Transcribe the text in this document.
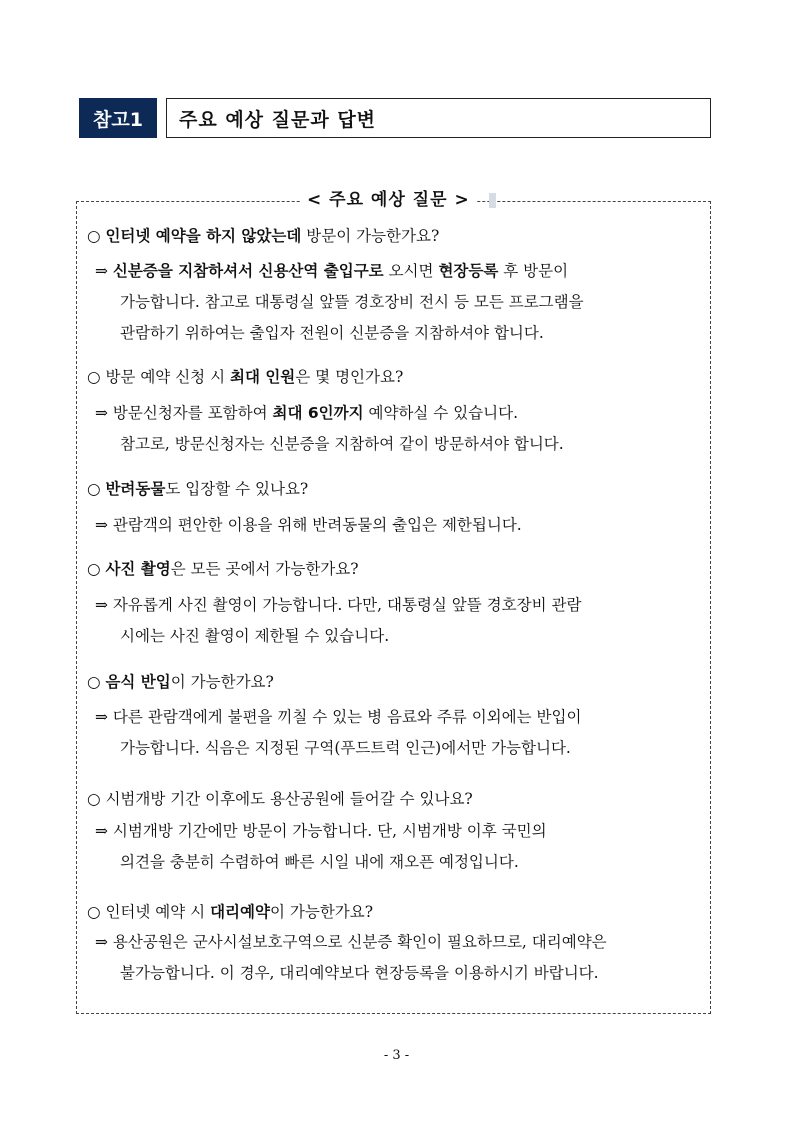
참고1	주요 예상 질문과 답변
< 주요 예상 질문 >
○ 인터넷 예약을 하지 않았는데 방문이 가능한가요?
⇒ 신분증을 지참하셔서 신용산역 출입구로 오시면 현장등록 후 방문이
가능합니다. 참고로 대통령실 앞뜰 경호장비 전시 등 모든 프로그램을
관람하기 위하여는 출입자 전원이 신분증을 지참하셔야 합니다.
○ 방문 예약 신청 시 최대 인원은 몇 명인가요?
⇒ 방문신청자를 포함하여 최대 6인까지 예약하실 수 있습니다.
참고로, 방문신청자는 신분증을 지참하여 같이 방문하셔야 합니다.
○ 반려동물도 입장할 수 있나요?
⇒ 관람객의 편안한 이용을 위해 반려동물의 출입은 제한됩니다.
○ 사진 촬영은 모든 곳에서 가능한가요?
⇒ 자유롭게 사진 촬영이 가능합니다. 다만, 대통령실 앞뜰 경호장비 관람
시에는 사진 촬영이 제한될 수 있습니다.
○ 음식 반입이 가능한가요?
⇒ 다른 관람객에게 불편을 끼칠 수 있는 병 음료와 주류 이외에는 반입이
가능합니다. 식음은 지정된 구역(푸드트럭 인근)에서만 가능합니다.
○ 시범개방 기간 이후에도 용산공원에 들어갈 수 있나요?
⇒ 시범개방 기간에만 방문이 가능합니다. 단, 시범개방 이후 국민의
의견을 충분히 수렴하여 빠른 시일 내에 재오픈 예정입니다.
○ 인터넷 예약 시 대리예약이 가능한가요?
⇒ 용산공원은 군사시설보호구역으로 신분증 확인이 필요하므로, 대리예약은
불가능합니다. 이 경우, 대리예약보다 현장등록을 이용하시기 바랍니다.
- 3 -
